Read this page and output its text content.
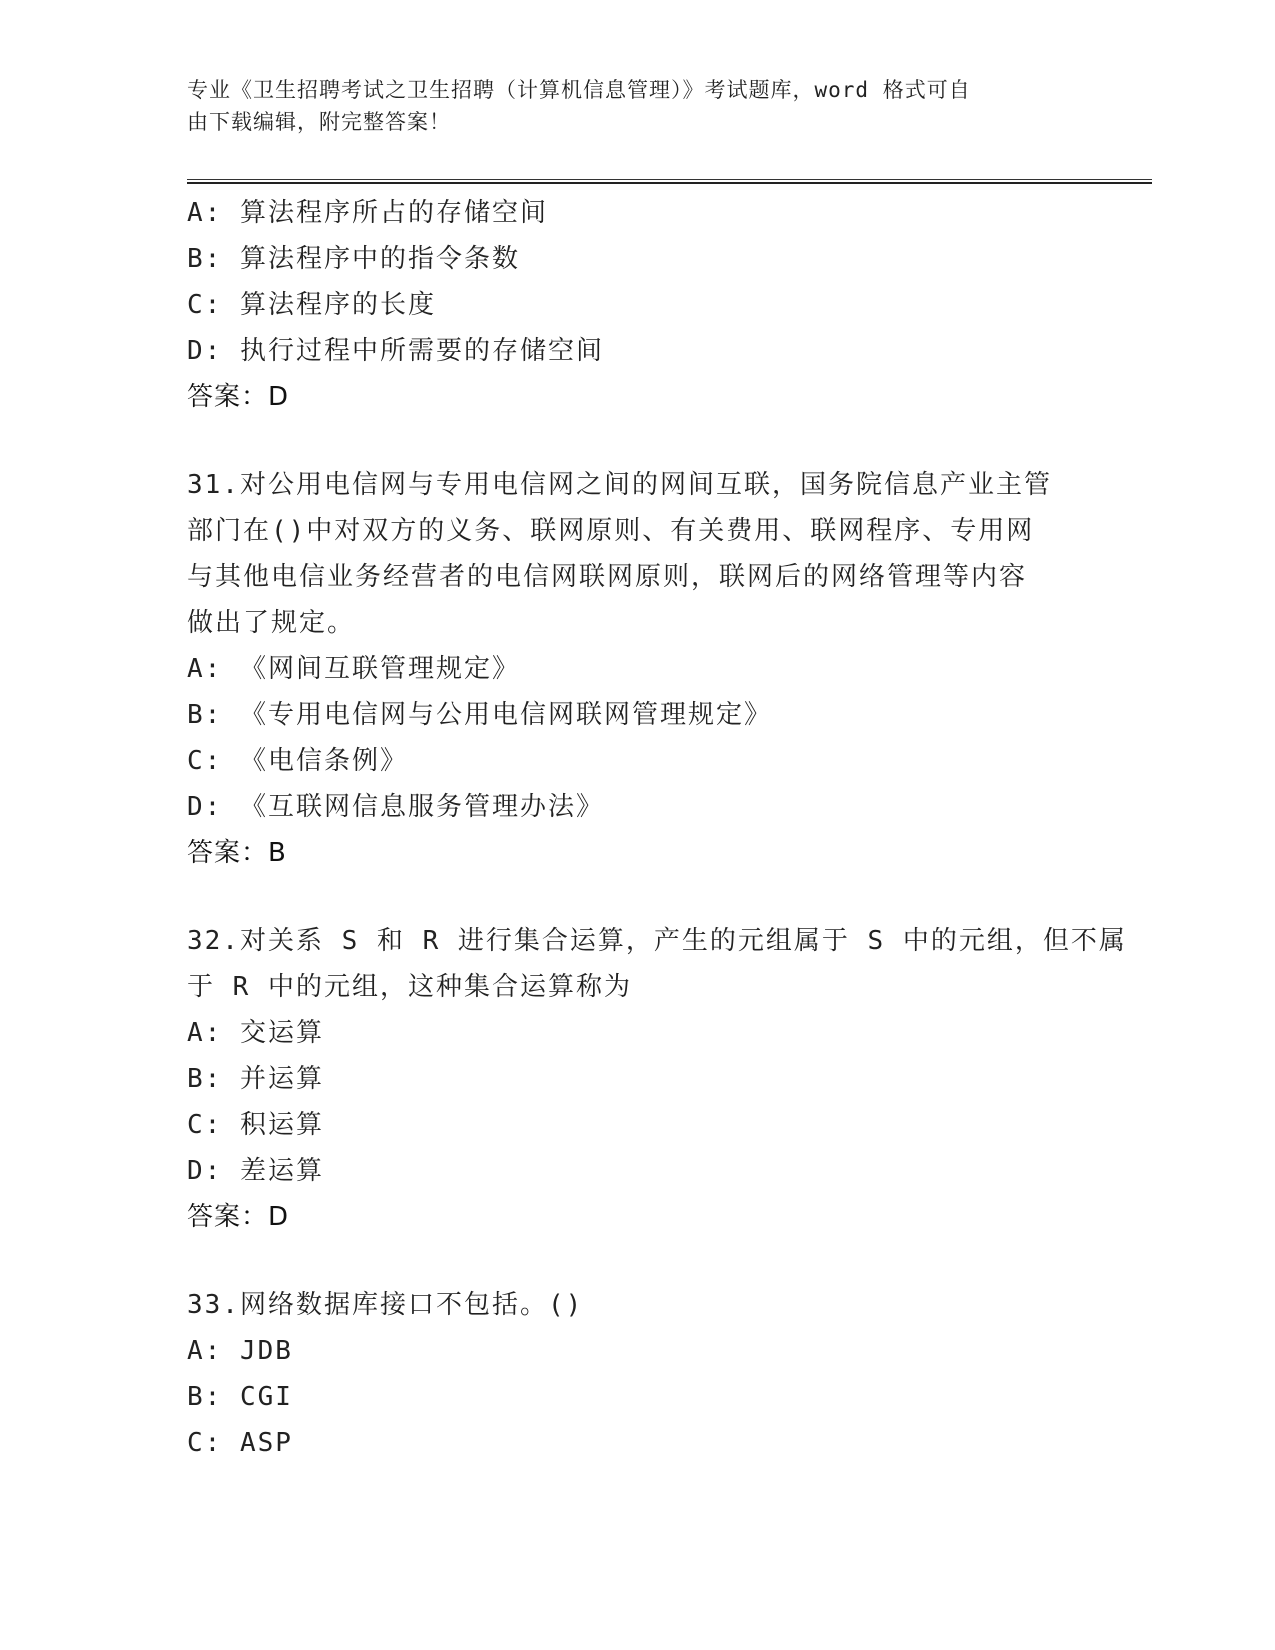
专业《卫生招聘考试之卫生招聘（计算机信息管理）》考试题库，word 格式可自
由下载编辑，附完整答案！
A: 算法程序所占的存储空间
B: 算法程序中的指令条数
C: 算法程序的长度
D: 执行过程中所需要的存储空间
答案：D
31.对公用电信网与专用电信网之间的网间互联，国务院信息产业主管
部门在()中对双方的义务、联网原则、有关费用、联网程序、专用网
与其他电信业务经营者的电信网联网原则，联网后的网络管理等内容
做出了规定。
A: 《网间互联管理规定》
B: 《专用电信网与公用电信网联网管理规定》
C: 《电信条例》
D: 《互联网信息服务管理办法》
答案：B
32.对关系 S 和 R 进行集合运算，产生的元组属于 S 中的元组，但不属
于 R 中的元组，这种集合运算称为
A: 交运算
B: 并运算
C: 积运算
D: 差运算
答案：D
33.网络数据库接口不包括。()
A: JDB
B: CGI
C: ASP
